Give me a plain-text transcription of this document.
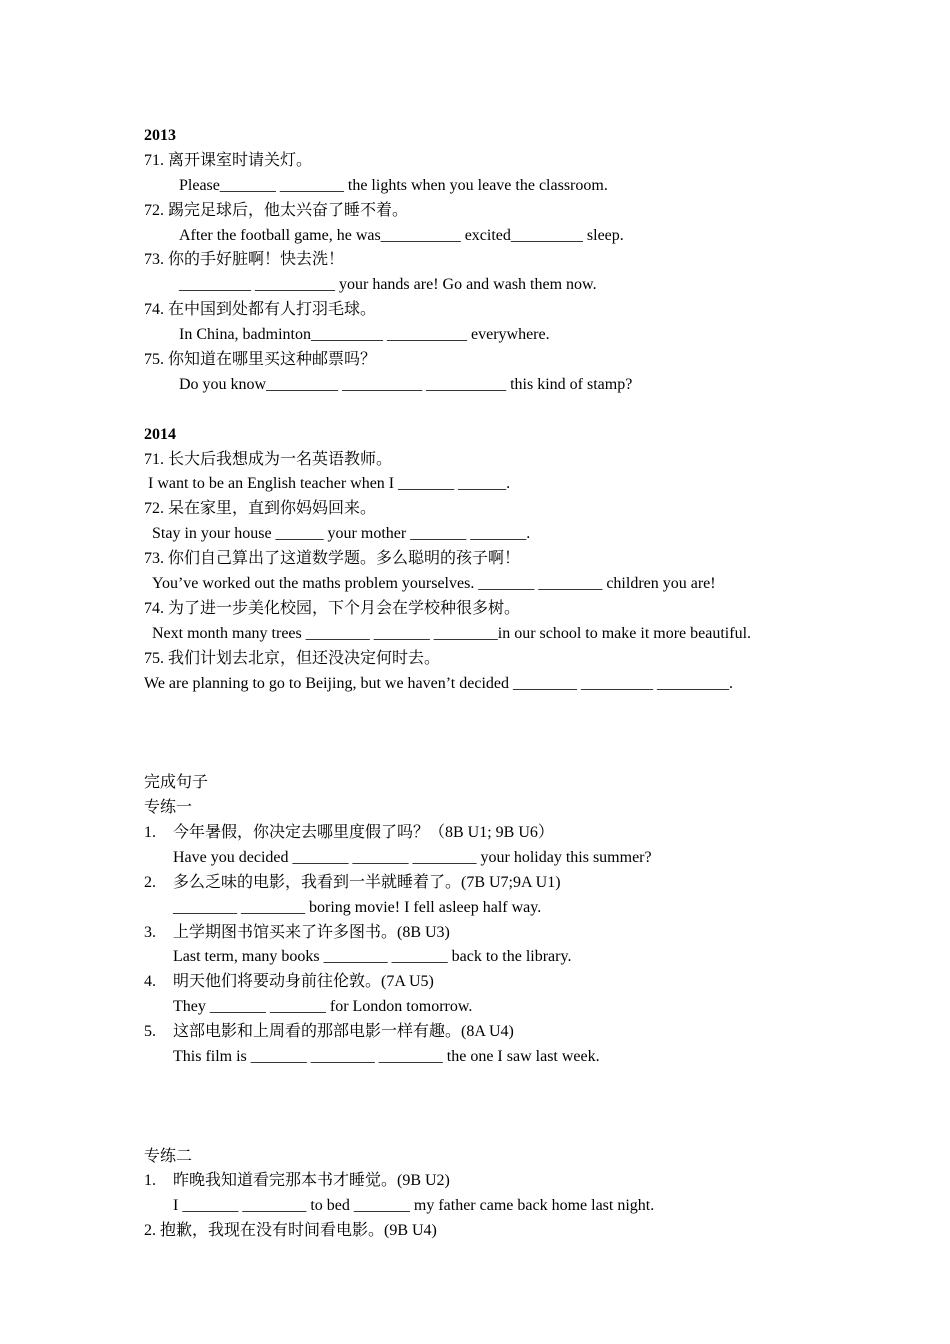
2013
71. 离开课室时请关灯。
Please_______ ________ the lights when you leave the classroom.
72. 踢完足球后，他太兴奋了睡不着。
After the football game, he was__________ excited_________ sleep.
73. 你的手好脏啊！快去洗！
_________ __________ your hands are! Go and wash them now.
74. 在中国到处都有人打羽毛球。
In China, badminton_________ __________ everywhere.
75. 你知道在哪里买这种邮票吗？
Do you know_________ __________ __________ this kind of stamp?
2014
71. 长大后我想成为一名英语教师。
I want to be an English teacher when I _______ ______.
72. 呆在家里，直到你妈妈回来。
Stay in your house ______ your mother _______ _______.
73. 你们自己算出了这道数学题。多么聪明的孩子啊！
You’ve worked out the maths problem yourselves. _______ ________ children you are!
74. 为了进一步美化校园，下个月会在学校种很多树。
Next month many trees ________ _______ ________in our school to make it more beautiful.
75. 我们计划去北京，但还没决定何时去。
We are planning to go to Beijing, but we haven’t decided ________ _________ _________.
完成句子
专练一
1. 今年暑假，你决定去哪里度假了吗？（8B U1; 9B U6）
Have you decided _______ _______ ________ your holiday this summer?
2. 多么乏味的电影，我看到一半就睡着了。(7B U7;9A U1)
________ ________ boring movie! I fell asleep half way.
3. 上学期图书馆买来了许多图书。(8B U3)
Last term, many books ________ _______ back to the library.
4. 明天他们将要动身前往伦敦。(7A U5)
They _______ _______ for London tomorrow.
5. 这部电影和上周看的那部电影一样有趣。(8A U4)
This film is _______ ________ ________ the one I saw last week.
专练二
1. 昨晚我知道看完那本书才睡觉。(9B U2)
I _______ ________ to bed _______ my father came back home last night.
2. 抱歉，我现在没有时间看电影。(9B U4)
